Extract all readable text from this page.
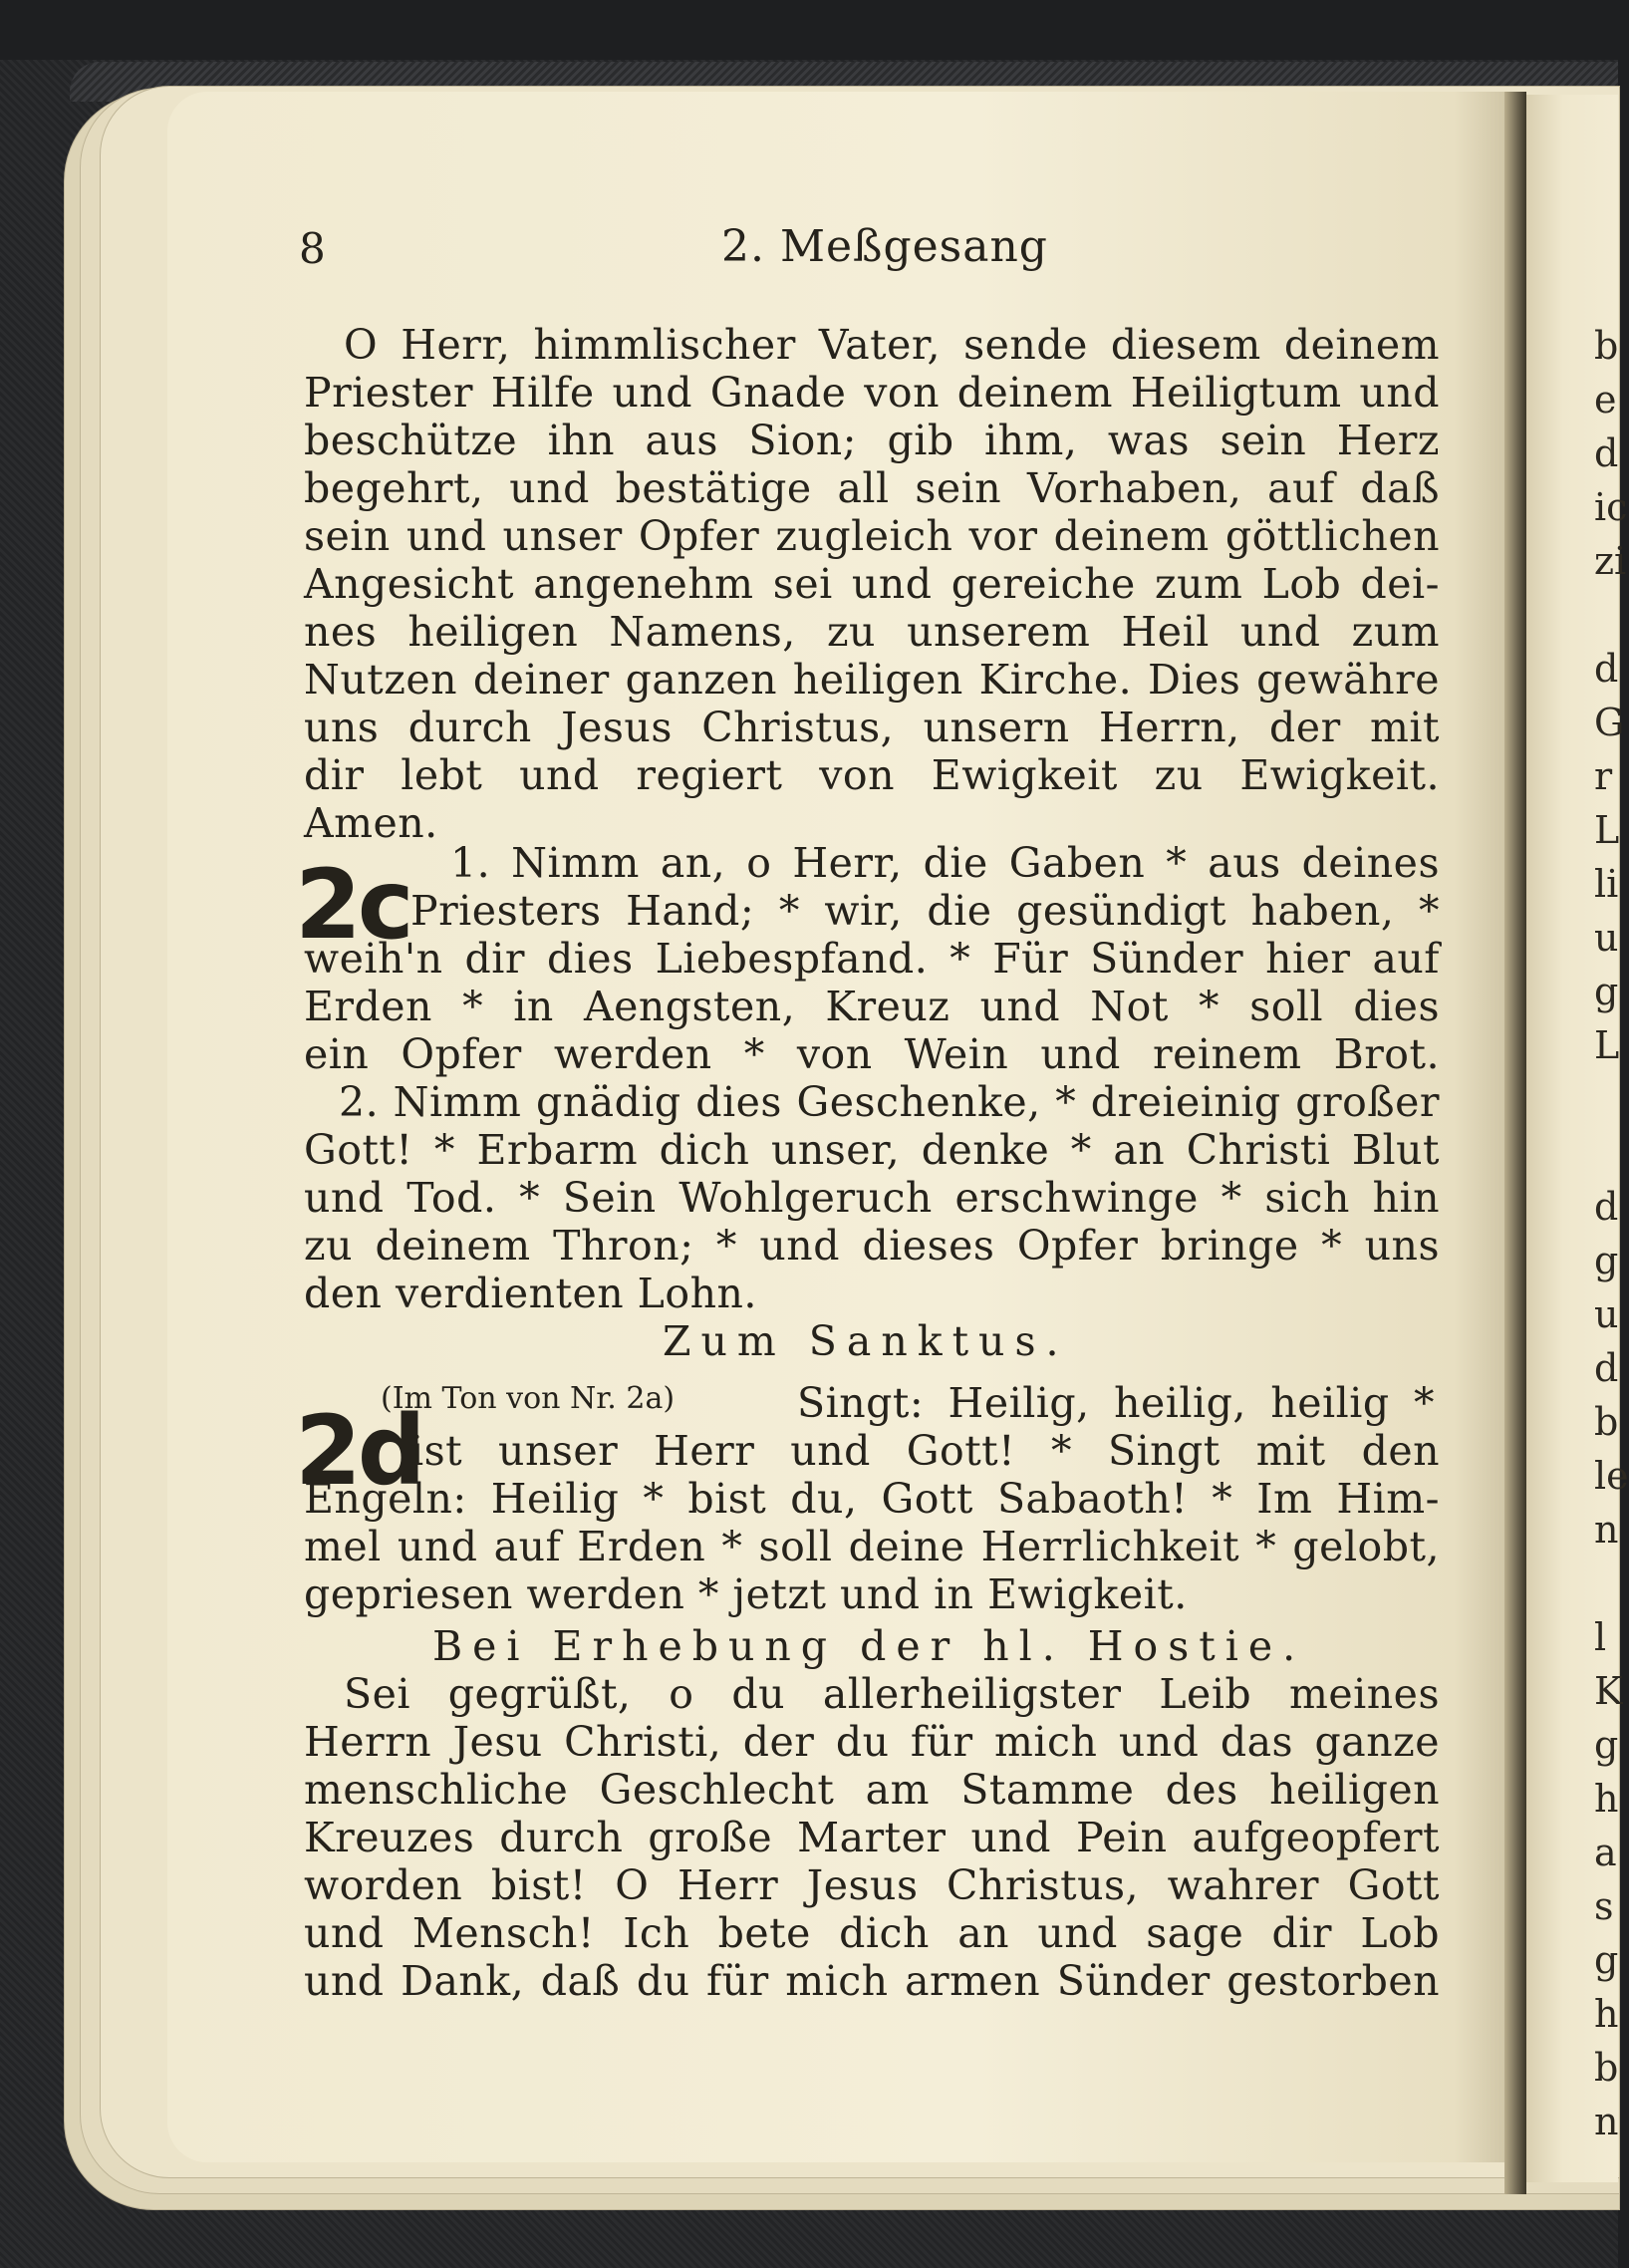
b
e
d
ic
zi
d
G
r
L
li
u
g
L
d
g
u
d
b
le
n
l
K
g
h
a
s
g
h
b
n
8	2. Meßgesang
O Herr, himmlischer Vater, sende diesem deinem
Priester Hilfe und Gnade von deinem Heiligtum und
beschütze ihn aus Sion; gib ihm, was sein Herz
begehrt, und bestätige all sein Vorhaben, auf daß
sein und unser Opfer zugleich vor deinem göttlichen
Angesicht angenehm sei und gereiche zum Lob dei-
nes heiligen Namens, zu unserem Heil und zum
Nutzen deiner ganzen heiligen Kirche. Dies gewähre
uns durch Jesus Christus, unsern Herrn, der mit
dir lebt und regiert von Ewigkeit zu Ewigkeit.
Amen.
2c 1. Nimm an, o Herr, die Gaben * aus deines
Priesters Hand; * wir, die gesündigt haben, *
weih'n dir dies Liebespfand. * Für Sünder hier auf
Erden * in Aengsten, Kreuz und Not * soll dies
ein Opfer werden * von Wein und reinem Brot.
2. Nimm gnädig dies Geschenke, * dreieinig großer
Gott! * Erbarm dich unser, denke * an Christi Blut
und Tod. * Sein Wohlgeruch erschwinge * sich hin
zu deinem Thron; * und dieses Opfer bringe * uns
den verdienten Lohn.
Zum Sanktus.
2d
(Im Ton von Nr. 2a)	Singt: Heilig, heilig, heilig *
ist unser Herr und Gott! * Singt mit den
Engeln: Heilig * bist du, Gott Sabaoth! * Im Him-
mel und auf Erden * soll deine Herrlichkeit * gelobt,
gepriesen werden * jetzt und in Ewigkeit.
Bei Erhebung der hl. Hostie.
Sei gegrüßt, o du allerheiligster Leib meines
Herrn Jesu Christi, der du für mich und das ganze
menschliche Geschlecht am Stamme des heiligen
Kreuzes durch große Marter und Pein aufgeopfert
worden bist! O Herr Jesus Christus, wahrer Gott
und Mensch! Ich bete dich an und sage dir Lob
und Dank, daß du für mich armen Sünder gestorben
